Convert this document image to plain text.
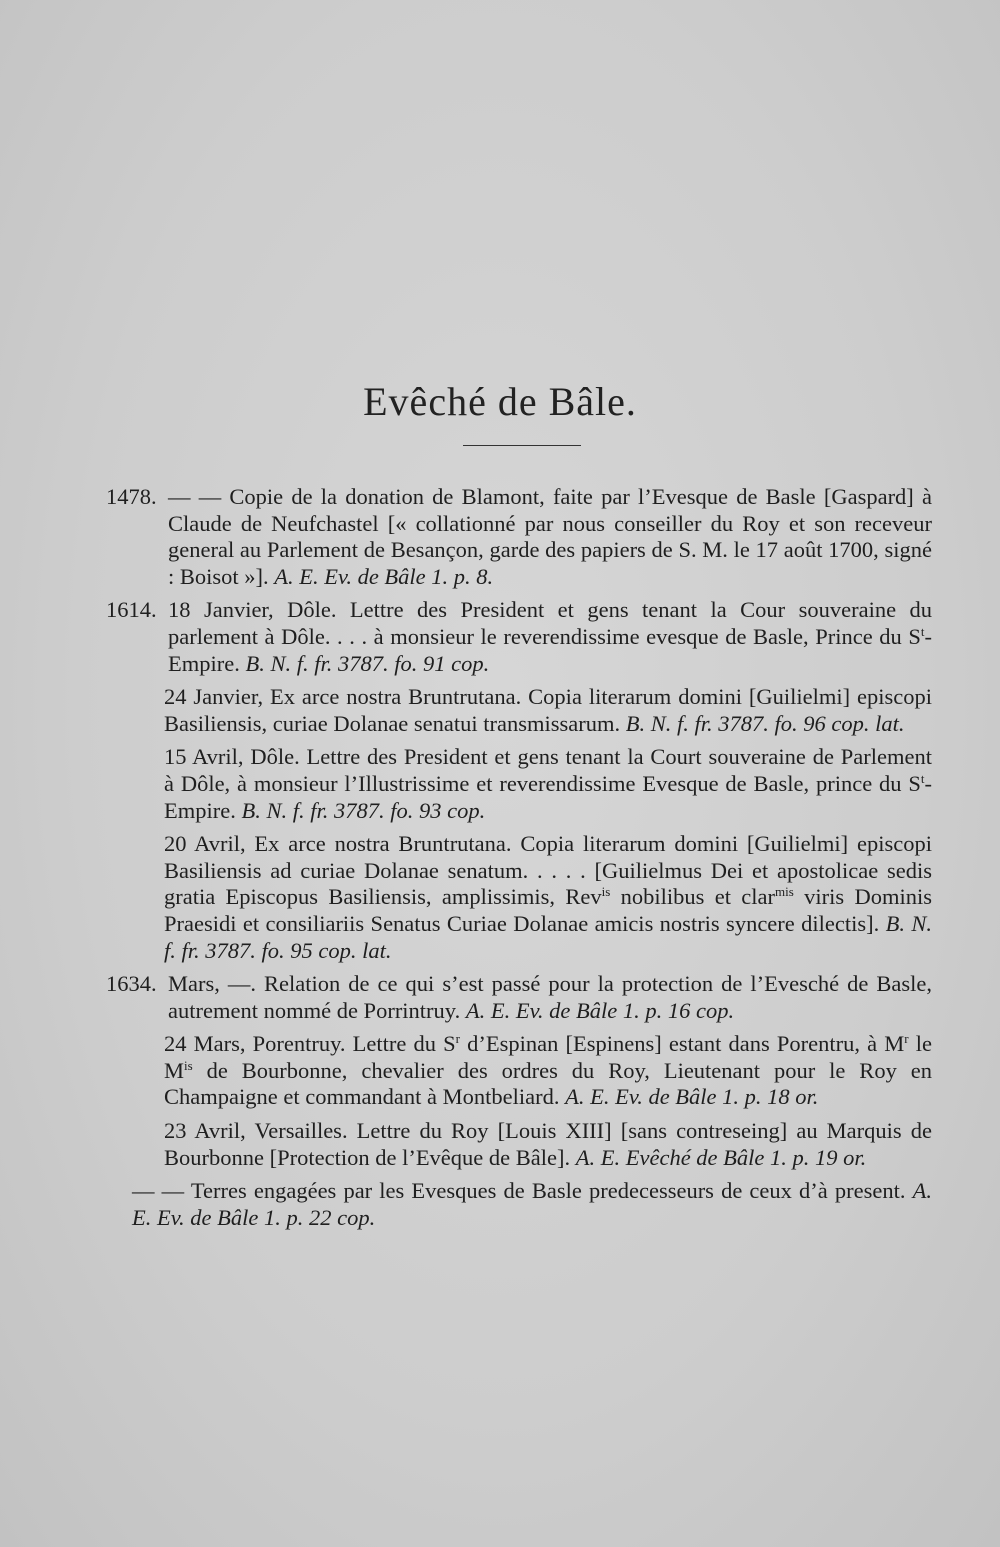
Evêché de Bâle.
1478. — — Copie de la donation de Blamont, faite par l’Evesque de Basle [Gaspard] à Claude de Neufchastel [« collationné par nous conseiller du Roy et son receveur general au Parlement de Besançon, garde des papiers de S. M. le 17 août 1700, signé : Boisot »]. A. E. Ev. de Bâle 1. p. 8.
1614. 18 Janvier, Dôle. Lettre des President et gens tenant la Cour souveraine du parlement à Dôle. . . . à monsieur le reverendissime evesque de Basle, Prince du $S^t$-Empire. B. N. f. fr. 3787. fo. 91 cop.
24 Janvier, Ex arce nostra Bruntrutana. Copia literarum domini [Guilielmi] episcopi Basiliensis, curiae Dolanae senatui transmissarum. B. N. f. fr. 3787. fo. 96 cop. lat.
15 Avril, Dôle. Lettre des President et gens tenant la Court souveraine de Parlement à Dôle, à monsieur l’Illustrissime et reverendissime Evesque de Basle, prince du $S^t$-Empire. B. N. f. fr. 3787. fo. 93 cop.
20 Avril, Ex arce nostra Bruntrutana. Copia literarum domini [Guilielmi] episcopi Basiliensis ad curiae Dolanae senatum. . . . . [Guilielmus Dei et apostolicae sedis gratia Episcopus Basiliensis, amplissimis, Rev$^{is}$ nobilibus et clar$^{mis}$ viris Dominis Praesidi et consiliariis Senatus Curiae Dolanae amicis nostris syncere dilectis]. B. N. f. fr. 3787. fo. 95 cop. lat.
1634. Mars, —. Relation de ce qui s’est passé pour la protection de l’Evesché de Basle, autrement nommé de Porrintruy. A. E. Ev. de Bâle 1. p. 16 cop.
24 Mars, Porentruy. Lettre du $S^r$ d’Espinan [Espinens] estant dans Porentru, à $M^r$ le $M^{is}$ de Bourbonne, chevalier des ordres du Roy, Lieutenant pour le Roy en Champaigne et commandant à Montbeliard. A. E. Ev. de Bâle 1. p. 18 or.
23 Avril, Versailles. Lettre du Roy [Louis XIII] [sans contreseing] au Marquis de Bourbonne [Protection de l’Evêque de Bâle]. A. E. Evêché de Bâle 1. p. 19 or.
— — Terres engagées par les Evesques de Basle predecesseurs de ceux d’à present. A. E. Ev. de Bâle 1. p. 22 cop.
